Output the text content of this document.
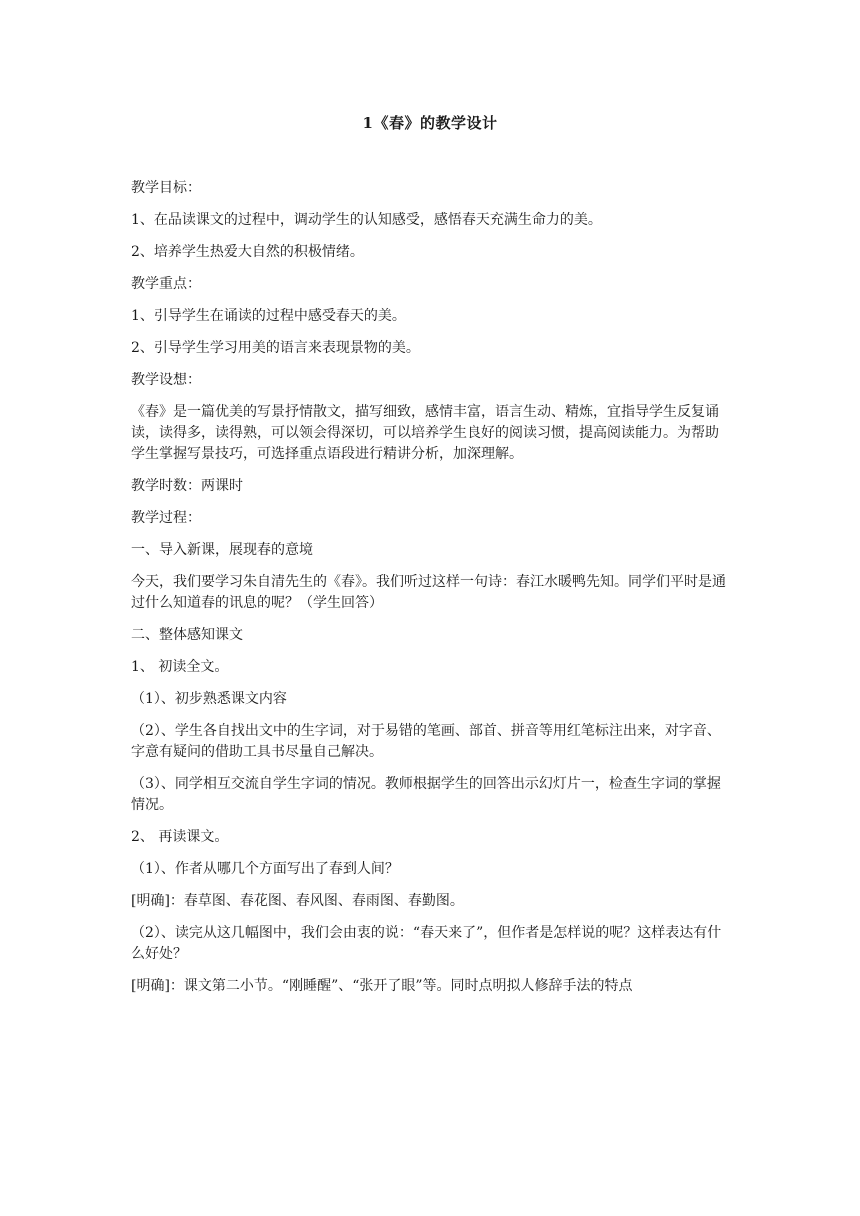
1《春》的教学设计

教学目标：

1、在品读课文的过程中，调动学生的认知感受，感悟春天充满生命力的美。

2、培养学生热爱大自然的积极情绪。

教学重点：

1、引导学生在诵读的过程中感受春天的美。

2、引导学生学习用美的语言来表现景物的美。

教学设想：

《春》是一篇优美的写景抒情散文，描写细致，感情丰富，语言生动、精炼，宜指导学生反复诵读，读得多，读得熟，可以领会得深切，可以培养学生良好的阅读习惯，提高阅读能力。为帮助学生掌握写景技巧，可选择重点语段进行精讲分析，加深理解。

教学时数：两课时

教学过程：

一、导入新课，展现春的意境

今天，我们要学习朱自清先生的《春》。我们听过这样一句诗：春江水暖鸭先知。同学们平时是通过什么知道春的讯息的呢？（学生回答）

二、整体感知课文

1、 初读全文。

（1）、初步熟悉课文内容

（2）、学生各自找出文中的生字词，对于易错的笔画、部首、拼音等用红笔标注出来，对字音、字意有疑问的借助工具书尽量自己解决。

（3）、同学相互交流自学生字词的情况。教师根据学生的回答出示幻灯片一，检查生字词的掌握情况。

2、 再读课文。

（1）、作者从哪几个方面写出了春到人间？

[明确]：春草图、春花图、春风图、春雨图、春勤图。

（2）、读完从这几幅图中，我们会由衷的说：“春天来了”，但作者是怎样说的呢？这样表达有什么好处？

[明确]：课文第二小节。“刚睡醒”、“张开了眼”等。同时点明拟人修辞手法的特点
